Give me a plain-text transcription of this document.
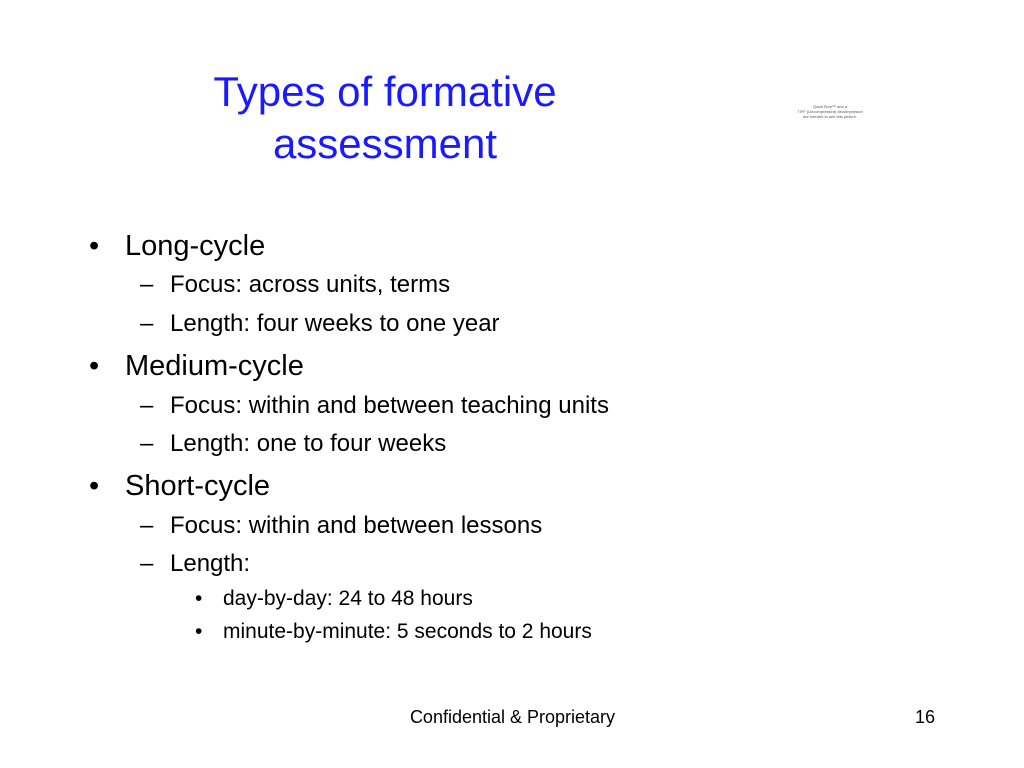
Types of formative
assessment
QuickTime™ and a
TIFF (Uncompressed) decompressor
are needed to see this picture.
• Long-cycle
– Focus: across units, terms
– Length: four weeks to one year
• Medium-cycle
– Focus: within and between teaching units
– Length: one to four weeks
• Short-cycle
– Focus: within and between lessons
– Length:
• day-by-day: 24 to 48 hours
• minute-by-minute: 5 seconds to 2 hours
Confidential & Proprietary	16
